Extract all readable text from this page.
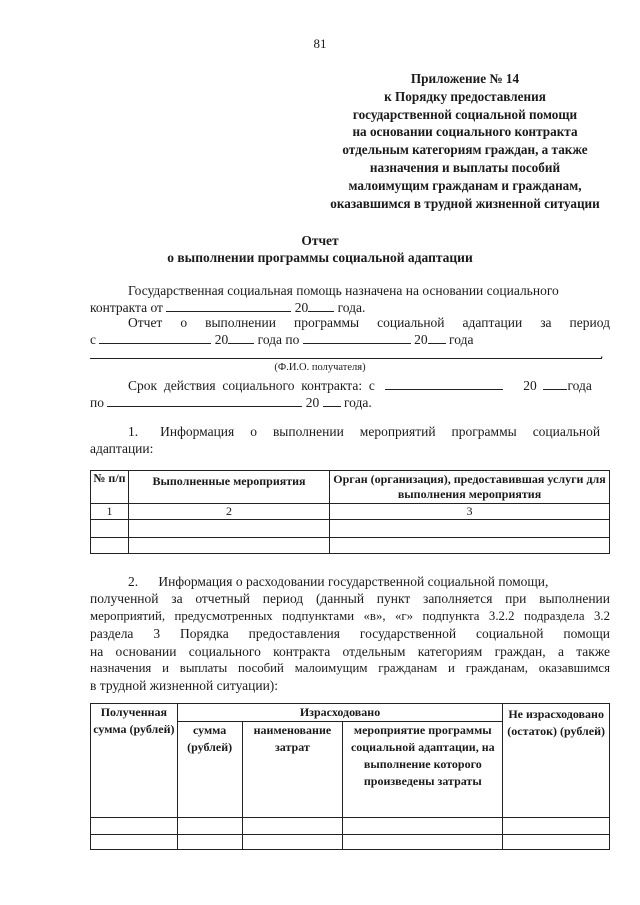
81
Приложение № 14
к Порядку предоставления
государственной социальной помощи
на основании социального контракта
отдельным категориям граждан, а также
назначения и выплаты пособий
малоимущим гражданам и гражданам,
оказавшимся в трудной жизненной ситуации
Отчет
о выполнении программы социальной адаптации
Государственная социальная помощь назначена на основании социального
контракта от	20 года.
Отчет о выполнении программы социальной адаптации за период
с	20 года по	20 года
.
(Ф.И.О. получателя)
Срок действия социального контракта: с	20 года
по	20 года.
1. Информация о выполнении мероприятий программы социальной
адаптации:
№ п/п	Выполненные мероприятия	Орган (организация), предоставившая услуги для выполнения мероприятия
1	2	3

2.      Информация о расходовании государственной социальной помощи,
полученной за отчетный период (данный пункт заполняется при выполнении
мероприятий, предусмотренных подпунктами «в», «г» подпункта 3.2.2 подраздела 3.2
раздела  3  Порядка  предоставления  государственной  социальной  помощи
на основании социального контракта отдельным категориям граждан, а также
назначения и выплаты пособий малоимущим гражданам и гражданам, оказавшимся
в трудной жизненной ситуации):
Полученная сумма (рублей)	Израсходовано			Не израсходовано (остаток) (рублей)
	сумма (рублей)	наименование затрат	мероприятие программы социальной адаптации, на выполнение которого произведены затраты	
